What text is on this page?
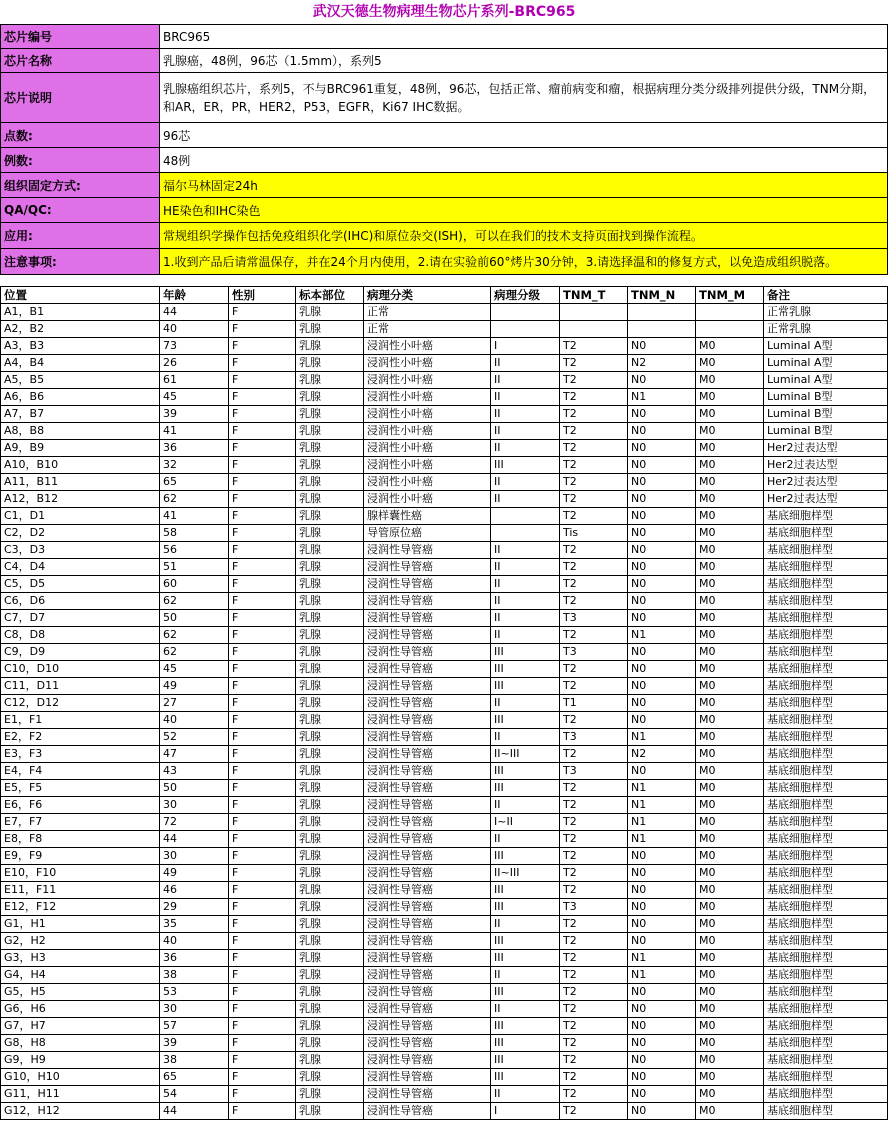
武汉天德生物病理生物芯片系列-BRC965
芯片编号	BRC965
芯片名称	乳腺癌，48例，96芯（1.5mm），系列5
芯片说明	乳腺癌组织芯片，系列5，不与BRC961重复，48例，96芯，包括正常、瘤前病变和瘤，根据病理分类分级排列提供分级，TNM分期，和AR，ER，PR，HER2，P53，EGFR，Ki67 IHC数据。
点数:	96芯
例数:	48例
组织固定方式:	福尔马林固定24h
QA/QC:	HE染色和IHC染色
应用:	常规组织学操作包括免疫组织化学(IHC)和原位杂交(ISH)，可以在我们的技术支持页面找到操作流程。
注意事项:	1.收到产品后请常温保存，并在24个月内使用，2.请在实验前60°烤片30分钟，3.请选择温和的修复方式，以免造成组织脱落。
位置	年龄	性别	标本部位	病理分类	病理分级	TNM_T	TNM_N	TNM_M	备注
A1，B1	44	F	乳腺	正常					正常乳腺
A2，B2	40	F	乳腺	正常					正常乳腺
A3，B3	73	F	乳腺	浸润性小叶癌	I	T2	N0	M0	Luminal A型
A4，B4	26	F	乳腺	浸润性小叶癌	II	T2	N2	M0	Luminal A型
A5，B5	61	F	乳腺	浸润性小叶癌	II	T2	N0	M0	Luminal A型
A6，B6	45	F	乳腺	浸润性小叶癌	II	T2	N1	M0	Luminal B型
A7，B7	39	F	乳腺	浸润性小叶癌	II	T2	N0	M0	Luminal B型
A8，B8	41	F	乳腺	浸润性小叶癌	II	T2	N0	M0	Luminal B型
A9，B9	36	F	乳腺	浸润性小叶癌	II	T2	N0	M0	Her2过表达型
A10，B10	32	F	乳腺	浸润性小叶癌	III	T2	N0	M0	Her2过表达型
A11，B11	65	F	乳腺	浸润性小叶癌	II	T2	N0	M0	Her2过表达型
A12，B12	62	F	乳腺	浸润性小叶癌	II	T2	N0	M0	Her2过表达型
C1，D1	41	F	乳腺	腺样囊性癌		T2	N0	M0	基底细胞样型
C2，D2	58	F	乳腺	导管原位癌		Tis	N0	M0	基底细胞样型
C3，D3	56	F	乳腺	浸润性导管癌	II	T2	N0	M0	基底细胞样型
C4，D4	51	F	乳腺	浸润性导管癌	II	T2	N0	M0	基底细胞样型
C5，D5	60	F	乳腺	浸润性导管癌	II	T2	N0	M0	基底细胞样型
C6，D6	62	F	乳腺	浸润性导管癌	II	T2	N0	M0	基底细胞样型
C7，D7	50	F	乳腺	浸润性导管癌	II	T3	N0	M0	基底细胞样型
C8，D8	62	F	乳腺	浸润性导管癌	II	T2	N1	M0	基底细胞样型
C9，D9	62	F	乳腺	浸润性导管癌	III	T3	N0	M0	基底细胞样型
C10，D10	45	F	乳腺	浸润性导管癌	III	T2	N0	M0	基底细胞样型
C11，D11	49	F	乳腺	浸润性导管癌	III	T2	N0	M0	基底细胞样型
C12，D12	27	F	乳腺	浸润性导管癌	II	T1	N0	M0	基底细胞样型
E1，F1	40	F	乳腺	浸润性导管癌	III	T2	N0	M0	基底细胞样型
E2，F2	52	F	乳腺	浸润性导管癌	II	T3	N1	M0	基底细胞样型
E3，F3	47	F	乳腺	浸润性导管癌	II~III	T2	N2	M0	基底细胞样型
E4，F4	43	F	乳腺	浸润性导管癌	III	T3	N0	M0	基底细胞样型
E5，F5	50	F	乳腺	浸润性导管癌	III	T2	N1	M0	基底细胞样型
E6，F6	30	F	乳腺	浸润性导管癌	II	T2	N1	M0	基底细胞样型
E7，F7	72	F	乳腺	浸润性导管癌	I~II	T2	N1	M0	基底细胞样型
E8，F8	44	F	乳腺	浸润性导管癌	II	T2	N1	M0	基底细胞样型
E9，F9	30	F	乳腺	浸润性导管癌	III	T2	N0	M0	基底细胞样型
E10，F10	49	F	乳腺	浸润性导管癌	II~III	T2	N0	M0	基底细胞样型
E11，F11	46	F	乳腺	浸润性导管癌	III	T2	N0	M0	基底细胞样型
E12，F12	29	F	乳腺	浸润性导管癌	III	T3	N0	M0	基底细胞样型
G1，H1	35	F	乳腺	浸润性导管癌	II	T2	N0	M0	基底细胞样型
G2，H2	40	F	乳腺	浸润性导管癌	III	T2	N0	M0	基底细胞样型
G3，H3	36	F	乳腺	浸润性导管癌	III	T2	N1	M0	基底细胞样型
G4，H4	38	F	乳腺	浸润性导管癌	II	T2	N1	M0	基底细胞样型
G5，H5	53	F	乳腺	浸润性导管癌	III	T2	N0	M0	基底细胞样型
G6，H6	30	F	乳腺	浸润性导管癌	II	T2	N0	M0	基底细胞样型
G7，H7	57	F	乳腺	浸润性导管癌	III	T2	N0	M0	基底细胞样型
G8，H8	39	F	乳腺	浸润性导管癌	III	T2	N0	M0	基底细胞样型
G9，H9	38	F	乳腺	浸润性导管癌	III	T2	N0	M0	基底细胞样型
G10，H10	65	F	乳腺	浸润性导管癌	III	T2	N0	M0	基底细胞样型
G11，H11	54	F	乳腺	浸润性导管癌	II	T2	N0	M0	基底细胞样型
G12，H12	44	F	乳腺	浸润性导管癌	I	T2	N0	M0	基底细胞样型
